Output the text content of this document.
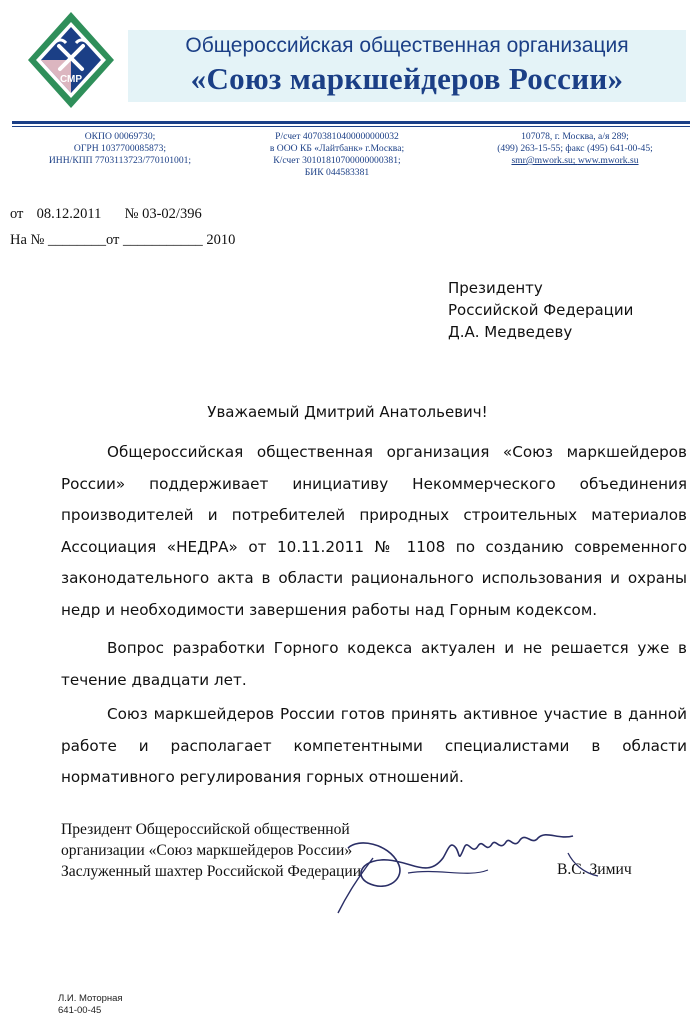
СМР
Общероссийская общественная организация
«Союз маркшейдеров России»
ОКПО 00069730;
ОГРН 1037700085873;
ИНН/КПП 7703113723/770101001;
Р/счет 40703810400000000032
в ООО КБ «Лайтбанк» г.Москва;
К/счет 30101810700000000381;
БИК 044583381
107078, г. Москва, а/я 289;
(499) 263-15-55; факс (495) 641-00-45;
smr@mwork.su; www.mwork.su
от 08.12.2011 № 03-02/396
На № ________от ___________ 2010
Президенту
Российской Федерации
Д.А. Медведеву
Уважаемый Дмитрий Анатольевич!
Общероссийская общественная организация «Союз маркшейдеров России» поддерживает инициативу Некоммерческого объединения производителей и потребителей природных строительных материалов Ассоциация «НЕДРА» от 10.11.2011 № 1108 по созданию современного законодательного акта в области рационального использования и охраны недр и необходимости завершения работы над Горным кодексом.
Вопрос разработки Горного кодекса актуален и не решается уже в течение двадцати лет.
Союз маркшейдеров России готов принять активное участие в данной работе и располагает компетентными специалистами в области нормативного регулирования горных отношений.
Президент Общероссийской общественной
организации «Союз маркшейдеров России»
Заслуженный шахтер Российской Федерации	В.С. Зимич
Л.И. Моторная
641-00-45
